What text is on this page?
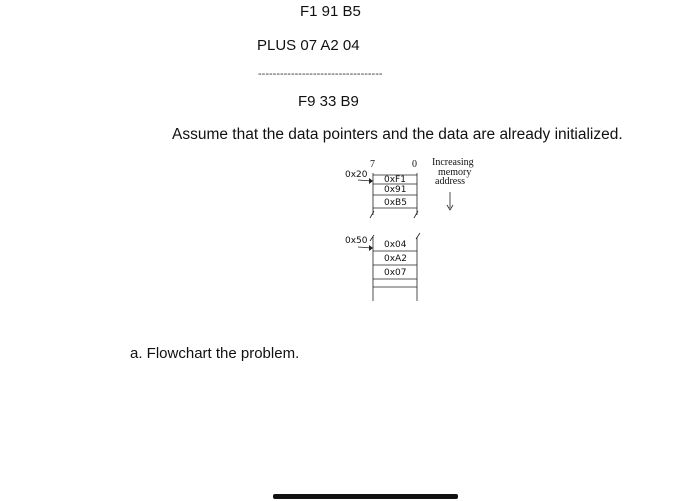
F1 91 B5
PLUS 07 A2 04
----------------------------------
F9 33 B9
Assume that the data pointers and the data are already initialized.
7	0
0x20 0xF1
0x91
0xB5
0x50 0x04
0xA2
0x07
Increasing
memory
address
a. Flowchart the problem.
